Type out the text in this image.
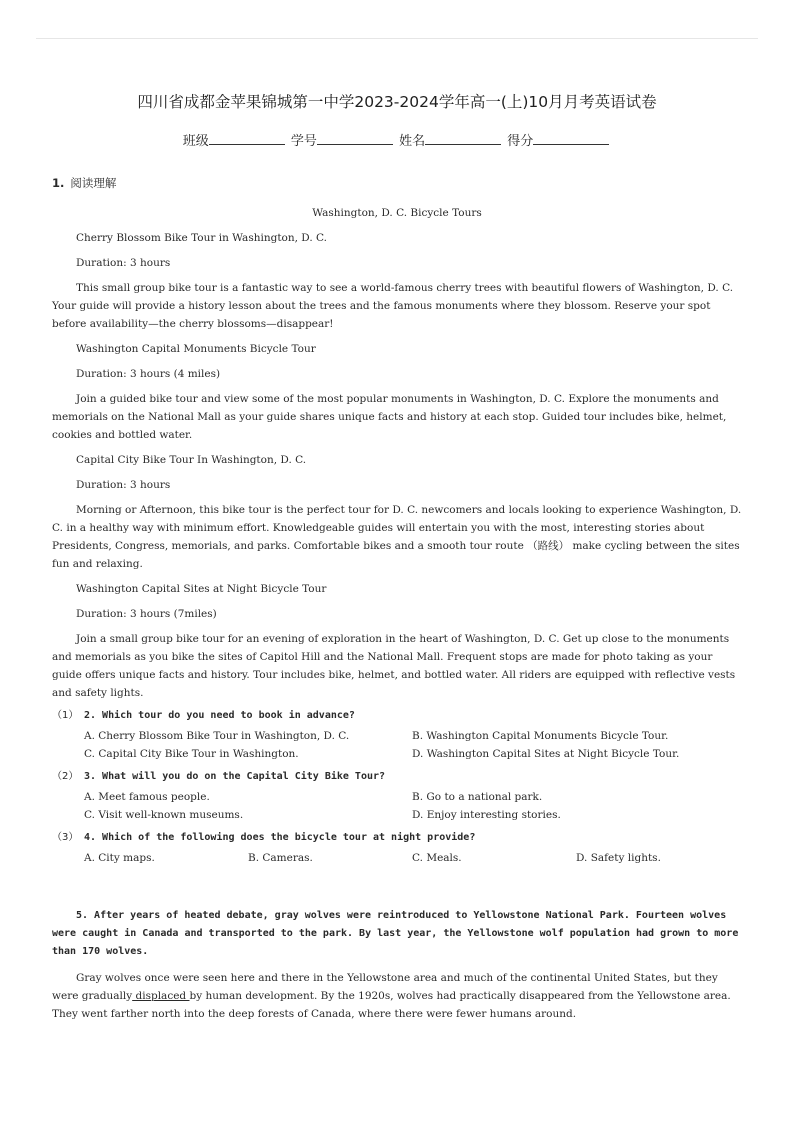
四川省成都金苹果锦城第一中学2023-2024学年高一(上)10月月考英语试卷
班级	学号	姓名	得分
1. 阅读理解
Washington, D. C. Bicycle Tours
Cherry Blossom Bike Tour in Washington, D. C.
Duration: 3 hours
This small group bike tour is a fantastic way to see a world-famous cherry trees with beautiful flowers of Washington, D. C. Your guide will provide a history lesson about the trees and the famous monuments where they blossom. Reserve your spot before availability—the cherry blossoms—disappear!
Washington Capital Monuments Bicycle Tour
Duration: 3 hours (4 miles)
Join a guided bike tour and view some of the most popular monuments in Washington, D. C. Explore the monuments and memorials on the National Mall as your guide shares unique facts and history at each stop. Guided tour includes bike, helmet, cookies and bottled water.
Capital City Bike Tour In Washington, D. C.
Duration: 3 hours
Morning or Afternoon, this bike tour is the perfect tour for D. C. newcomers and locals looking to experience Washington, D. C. in a healthy way with minimum effort. Knowledgeable guides will entertain you with the most, interesting stories about Presidents, Congress, memorials, and parks. Comfortable bikes and a smooth tour route （路线） make cycling between the sites fun and relaxing.
Washington Capital Sites at Night Bicycle Tour
Duration: 3 hours (7miles)
Join a small group bike tour for an evening of exploration in the heart of Washington, D. C. Get up close to the monuments and memorials as you bike the sites of Capitol Hill and the National Mall. Frequent stops are made for photo taking as your guide offers unique facts and history. Tour includes bike, helmet, and bottled water. All riders are equipped with reflective vests and safety lights.
（1） 2. Which tour do you need to book in advance?
A. Cherry Blossom Bike Tour in Washington, D. C.	B. Washington Capital Monuments Bicycle Tour.
C. Capital City Bike Tour in Washington.	D. Washington Capital Sites at Night Bicycle Tour.
（2） 3. What will you do on the Capital City Bike Tour?
A. Meet famous people.	B. Go to a national park.
C. Visit well-known museums.	D. Enjoy interesting stories.
（3） 4. Which of the following does the bicycle tour at night provide?
A. City maps.	B. Cameras.	C. Meals.	D. Safety lights.
5. After years of heated debate, gray wolves were reintroduced to Yellowstone National Park. Fourteen wolves were caught in Canada and transported to the park. By last year, the Yellowstone wolf population had grown to more than 170 wolves.
Gray wolves once were seen here and there in the Yellowstone area and much of the continental United States, but they were gradually displaced by human development. By the 1920s, wolves had practically disappeared from the Yellowstone area. They went farther north into the deep forests of Canada, where there were fewer humans around.
